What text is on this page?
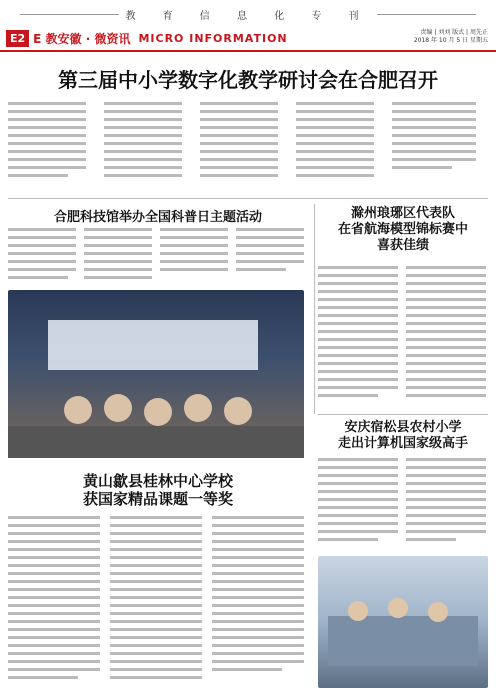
教 育 信 息 化 专 刊
E2 E 教安徽 · 微资讯 MICRO INFORMATION	责编 | 刘刘 版式 | 周先正
2018 年 10 月 5 日 星期五
第三届中小学数字化教学研讨会在合肥召开
合肥科技馆举办全国科普日主题活动	滁州琅琊区代表队
在省航海模型锦标赛中
喜获佳绩
安庆宿松县农村小学
走出计算机国家级高手
黄山歙县桂林中心学校
获国家精品课题一等奖
